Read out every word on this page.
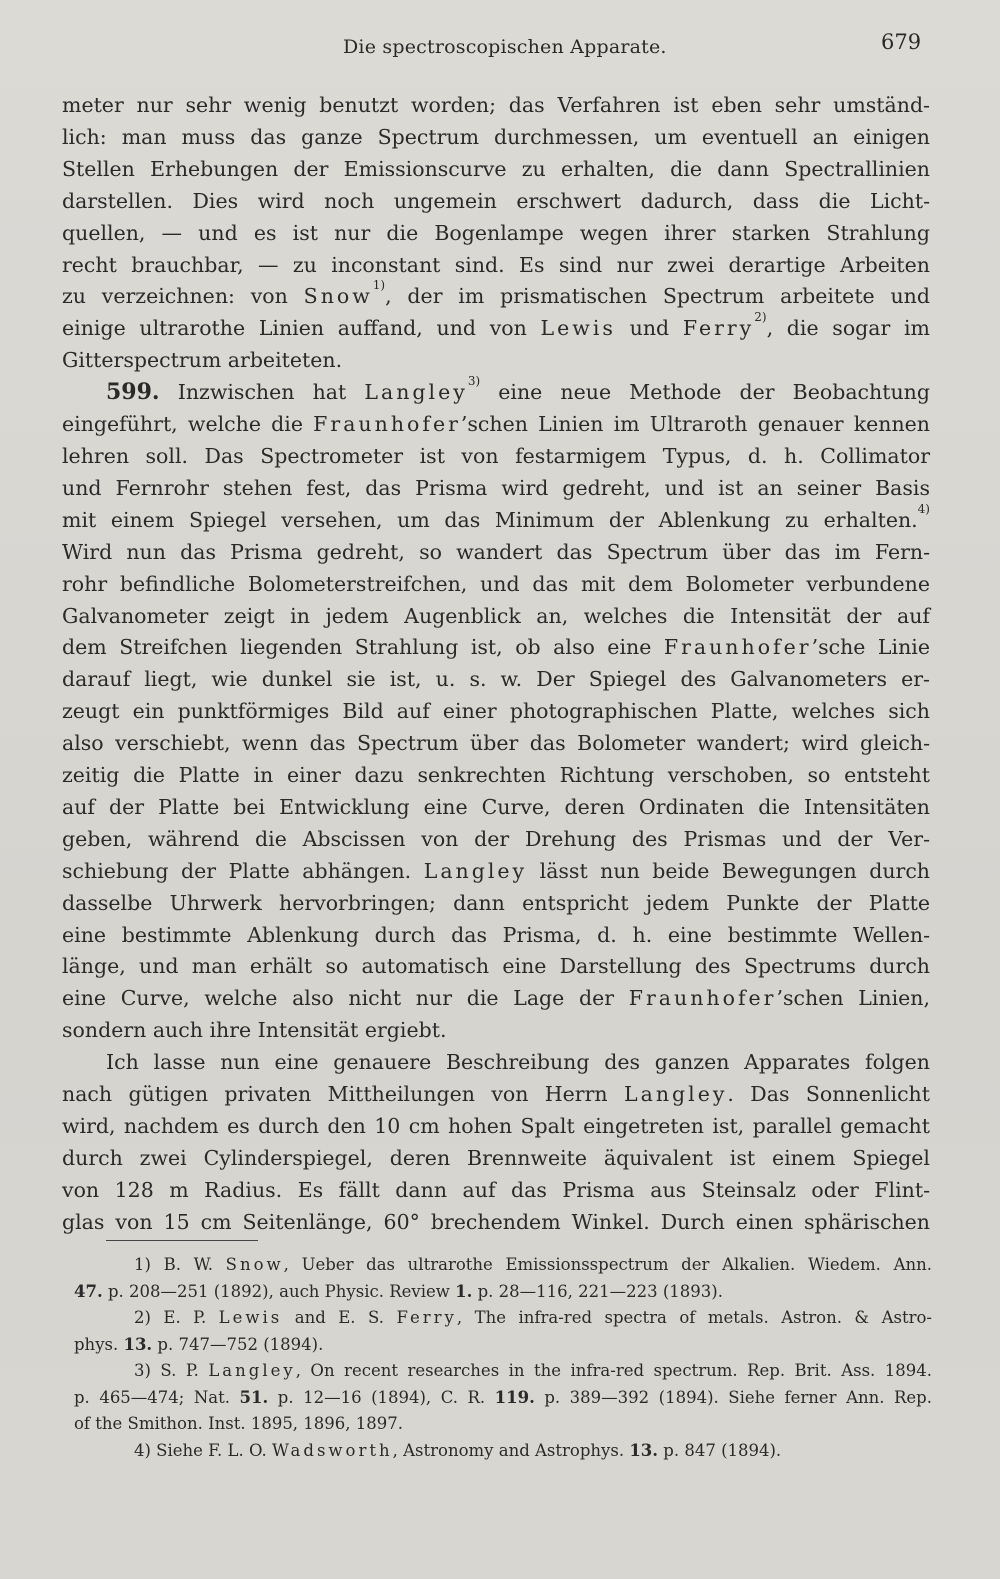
Die spectroscopischen Apparate.	679
meter nur sehr wenig benutzt worden; das Verfahren ist eben sehr umständ-
lich: man muss das ganze Spectrum durchmessen, um eventuell an einigen
Stellen Erhebungen der Emissionscurve zu erhalten, die dann Spectrallinien
darstellen. Dies wird noch ungemein erschwert dadurch, dass die Licht-
quellen, — und es ist nur die Bogenlampe wegen ihrer starken Strahlung
recht brauchbar, — zu inconstant sind. Es sind nur zwei derartige Arbeiten
zu verzeichnen: von Snow$^{1)}$, der im prismatischen Spectrum arbeitete und
einige ultrarothe Linien auffand, und von Lewis und Ferry$^{2)}$, die sogar im
Gitterspectrum arbeiteten.
599. Inzwischen hat Langley$^{3)}$ eine neue Methode der Beobachtung
eingeführt, welche die Fraunhofer’schen Linien im Ultraroth genauer kennen
lehren soll. Das Spectrometer ist von festarmigem Typus, d. h. Collimator
und Fernrohr stehen fest, das Prisma wird gedreht, und ist an seiner Basis
mit einem Spiegel versehen, um das Minimum der Ablenkung zu erhalten.$^{4)}$
Wird nun das Prisma gedreht, so wandert das Spectrum über das im Fern-
rohr befindliche Bolometerstreifchen, und das mit dem Bolometer verbundene
Galvanometer zeigt in jedem Augenblick an, welches die Intensität der auf
dem Streifchen liegenden Strahlung ist, ob also eine Fraunhofer’sche Linie
darauf liegt, wie dunkel sie ist, u. s. w. Der Spiegel des Galvanometers er-
zeugt ein punktförmiges Bild auf einer photographischen Platte, welches sich
also verschiebt, wenn das Spectrum über das Bolometer wandert; wird gleich-
zeitig die Platte in einer dazu senkrechten Richtung verschoben, so entsteht
auf der Platte bei Entwicklung eine Curve, deren Ordinaten die Intensitäten
geben, während die Abscissen von der Drehung des Prismas und der Ver-
schiebung der Platte abhängen. Langley lässt nun beide Bewegungen durch
dasselbe Uhrwerk hervorbringen; dann entspricht jedem Punkte der Platte
eine bestimmte Ablenkung durch das Prisma, d. h. eine bestimmte Wellen-
länge, und man erhält so automatisch eine Darstellung des Spectrums durch
eine Curve, welche also nicht nur die Lage der Fraunhofer’schen Linien,
sondern auch ihre Intensität ergiebt.
Ich lasse nun eine genauere Beschreibung des ganzen Apparates folgen
nach gütigen privaten Mittheilungen von Herrn Langley. Das Sonnenlicht
wird, nachdem es durch den 10 cm hohen Spalt eingetreten ist, parallel gemacht
durch zwei Cylinderspiegel, deren Brennweite äquivalent ist einem Spiegel
von 128 m Radius. Es fällt dann auf das Prisma aus Steinsalz oder Flint-
glas von 15 cm Seitenlänge, 60° brechendem Winkel. Durch einen sphärischen
1) B. W. Snow, Ueber das ultrarothe Emissionsspectrum der Alkalien. Wiedem. Ann.
47. p. 208—251 (1892), auch Physic. Review 1. p. 28—116, 221—223 (1893).
2) E. P. Lewis and E. S. Ferry, The infra-red spectra of metals. Astron. & Astro-
phys. 13. p. 747—752 (1894).
3) S. P. Langley, On recent researches in the infra-red spectrum. Rep. Brit. Ass. 1894.
p. 465—474; Nat. 51. p. 12—16 (1894), C. R. 119. p. 389—392 (1894). Siehe ferner Ann. Rep.
of the Smithon. Inst. 1895, 1896, 1897.
4) Siehe F. L. O. Wadsworth, Astronomy and Astrophys. 13. p. 847 (1894).
